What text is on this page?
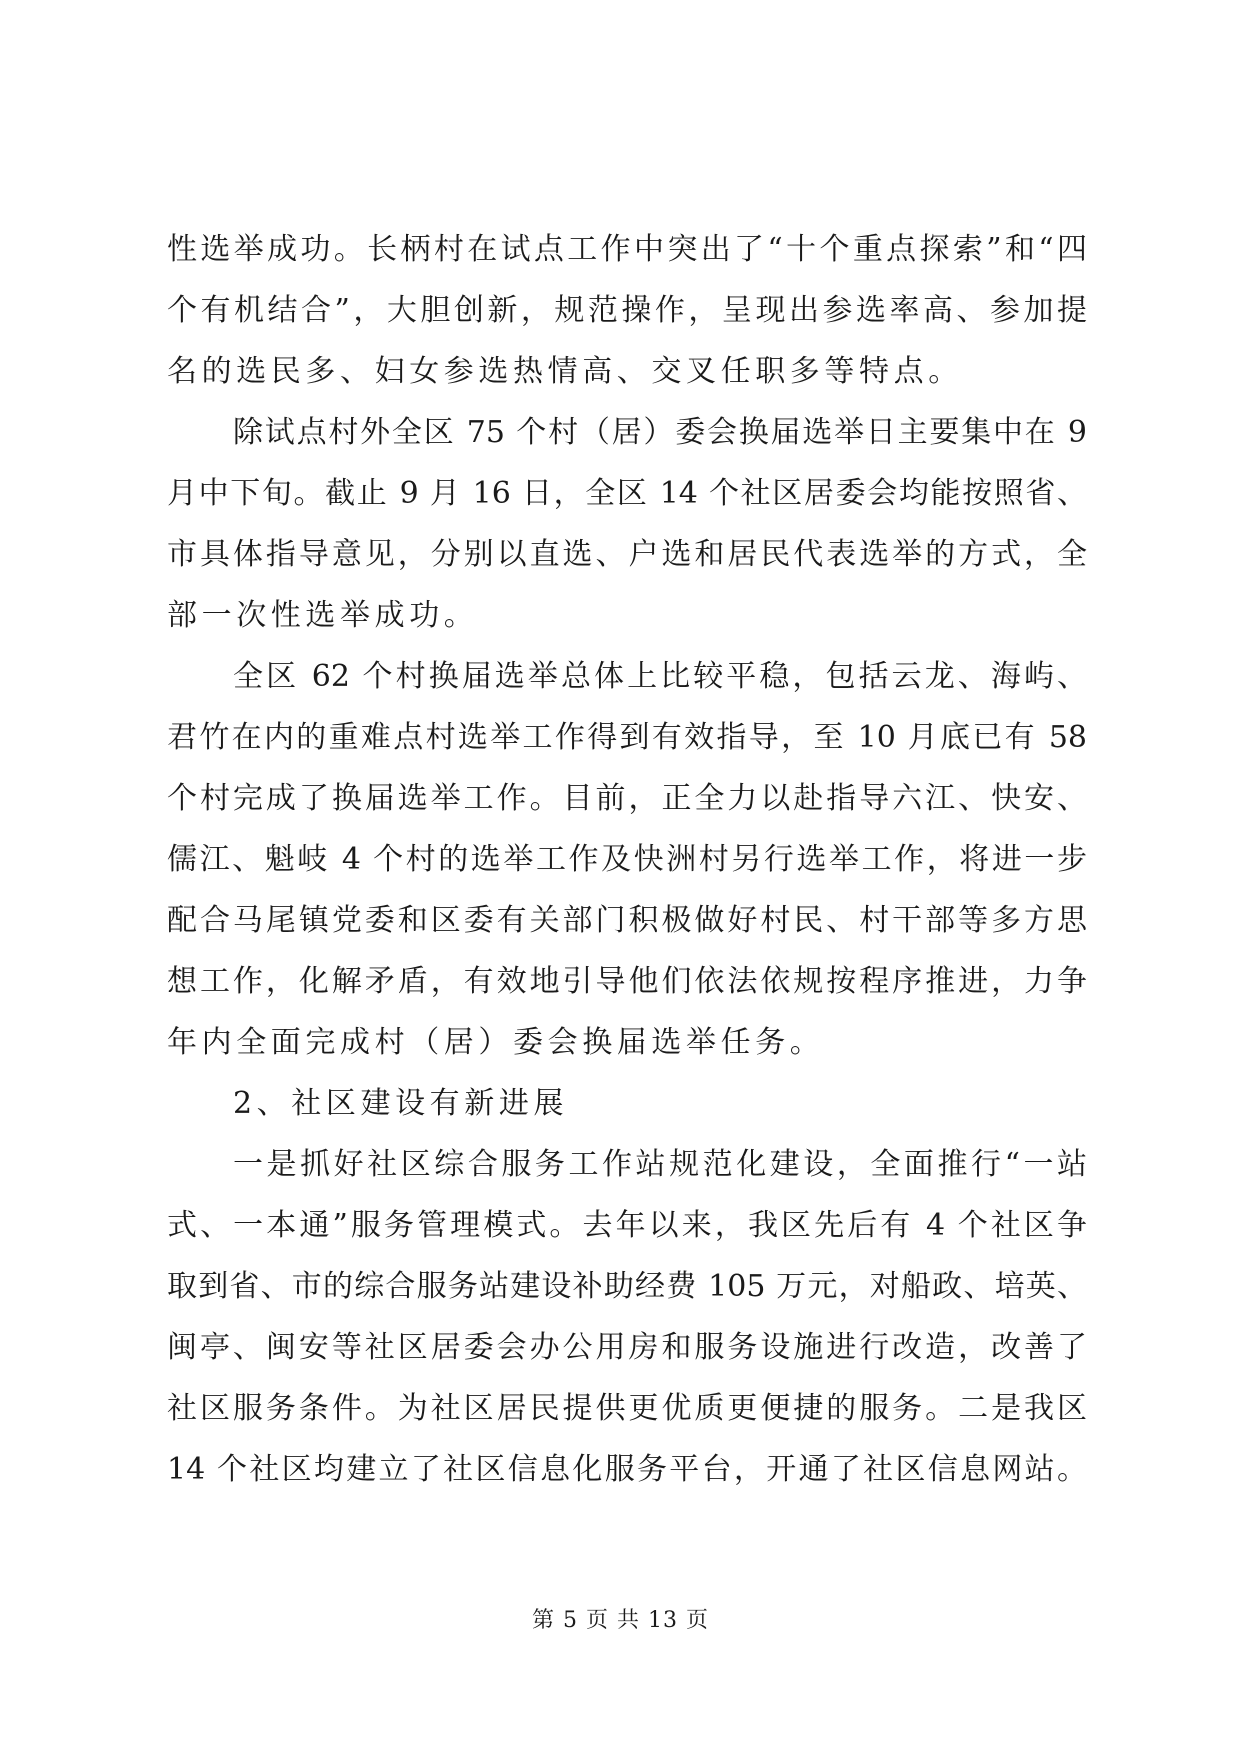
性选举成功。长柄村在试点工作中突出了“十个重点探索”和“四
个有机结合”，大胆创新，规范操作，呈现出参选率高、参加提
名的选民多、妇女参选热情高、交叉任职多等特点。
除试点村外全区 75 个村（居）委会换届选举日主要集中在 9
月中下旬。截止 9 月 16 日，全区 14 个社区居委会均能按照省、
市具体指导意见，分别以直选、户选和居民代表选举的方式，全
部一次性选举成功。
全区 62 个村换届选举总体上比较平稳，包括云龙、海屿、
君竹在内的重难点村选举工作得到有效指导，至 10 月底已有 58
个村完成了换届选举工作。目前，正全力以赴指导六江、快安、
儒江、魁岐 4 个村的选举工作及快洲村另行选举工作，将进一步
配合马尾镇党委和区委有关部门积极做好村民、村干部等多方思
想工作，化解矛盾，有效地引导他们依法依规按程序推进，力争
年内全面完成村（居）委会换届选举任务。
2、社区建设有新进展
一是抓好社区综合服务工作站规范化建设，全面推行“一站
式、一本通”服务管理模式。去年以来，我区先后有 4 个社区争
取到省、市的综合服务站建设补助经费 105 万元，对船政、培英、
闽亭、闽安等社区居委会办公用房和服务设施进行改造，改善了
社区服务条件。为社区居民提供更优质更便捷的服务。二是我区
14 个社区均建立了社区信息化服务平台，开通了社区信息网站。
第 5 页 共 13 页
